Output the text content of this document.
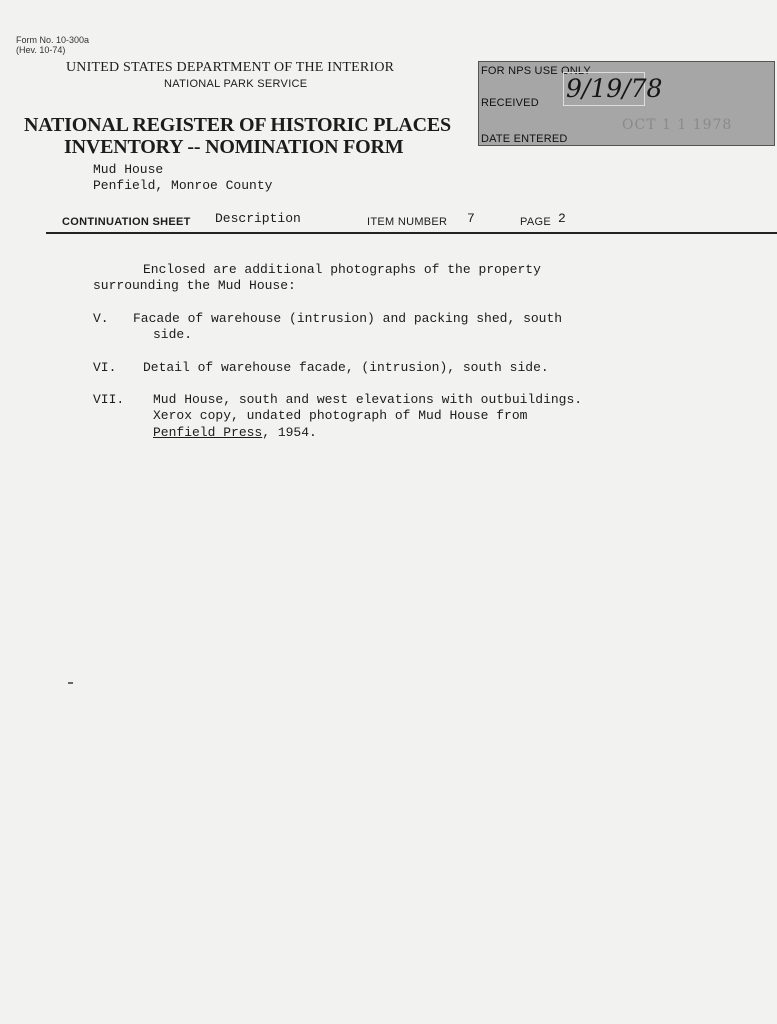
Form No. 10-300a
(Hev. 10-74)
UNITED STATES DEPARTMENT OF THE INTERIOR
NATIONAL PARK SERVICE
NATIONAL REGISTER OF HISTORIC PLACES
INVENTORY -- NOMINATION FORM
FOR NPS USE ONLY
RECEIVED 9/19/78
DATE ENTERED
OCT 1 1 1978
Mud House
Penfield, Monroe County
CONTINUATION SHEET Description	ITEM NUMBER 7	PAGE 2
Enclosed are additional photographs of the property
surrounding the Mud House:
V. Facade of warehouse (intrusion) and packing shed, south
side.
VI. Detail of warehouse facade, (intrusion), south side.
VII. Mud House, south and west elevations with outbuildings.
Xerox copy, undated photograph of Mud House from
Penfield Press, 1954.
